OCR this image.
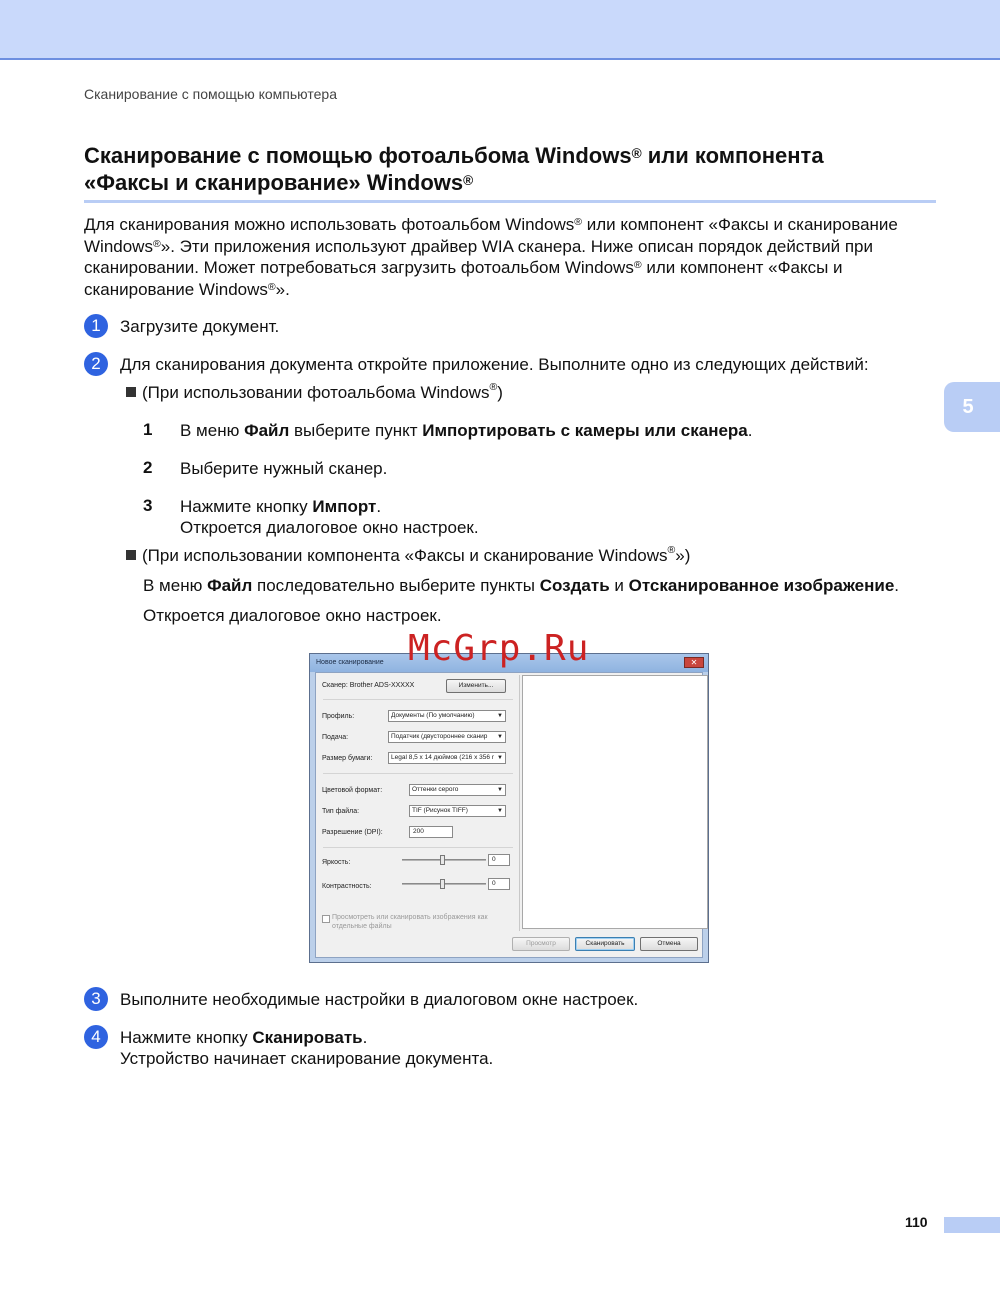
Сканирование с помощью компьютера
Сканирование с помощью фотоальбома Windows® или компонента
«Факсы и сканирование» Windows®
Для сканирования можно использовать фотоальбом Windows® или компонент «Факсы и сканирование Windows®». Эти приложения используют драйвер WIA сканера. Ниже описан порядок действий при сканировании. Может потребоваться загрузить фотоальбом Windows® или компонент «Факсы и сканирование Windows®».
1	Загрузите документ.
2	Для сканирования документа откройте приложение. Выполните одно из следующих действий:
(При использовании фотоальбома Windows®)
1 В меню Файл выберите пункт Импортировать с камеры или сканера.
2 Выберите нужный сканер.
3 Нажмите кнопку Импорт.
Откроется диалоговое окно настроек.
(При использовании компонента «Факсы и сканирование Windows®»)
В меню Файл последовательно выберите пункты Создать и Отсканированное изображение.
Откроется диалоговое окно настроек.
Новое сканирование	✕
Сканер: Brother ADS-XXXXX	Изменить...
Профиль:	Документы (По умолчанию)	▼
Подача:	Податчик (двустороннее сканир ▼
Размер бумаги:	Legal 8,5 x 14 дюймов (216 x 356 r ▼
Цветовой формат:	Оттенки серого	▼
Тип файла:	TIF (Рисунок TIFF)	▼
Разрешение (DPI):	200
Яркость:	0
Контрастность:	0
Просмотреть или сканировать изображения как
отдельные файлы
Просмотр	Сканировать	Отмена
McGrp.Ru
3	Выполните необходимые настройки в диалоговом окне настроек.
4	Нажмите кнопку Сканировать.
Устройство начинает сканирование документа.
5
110
